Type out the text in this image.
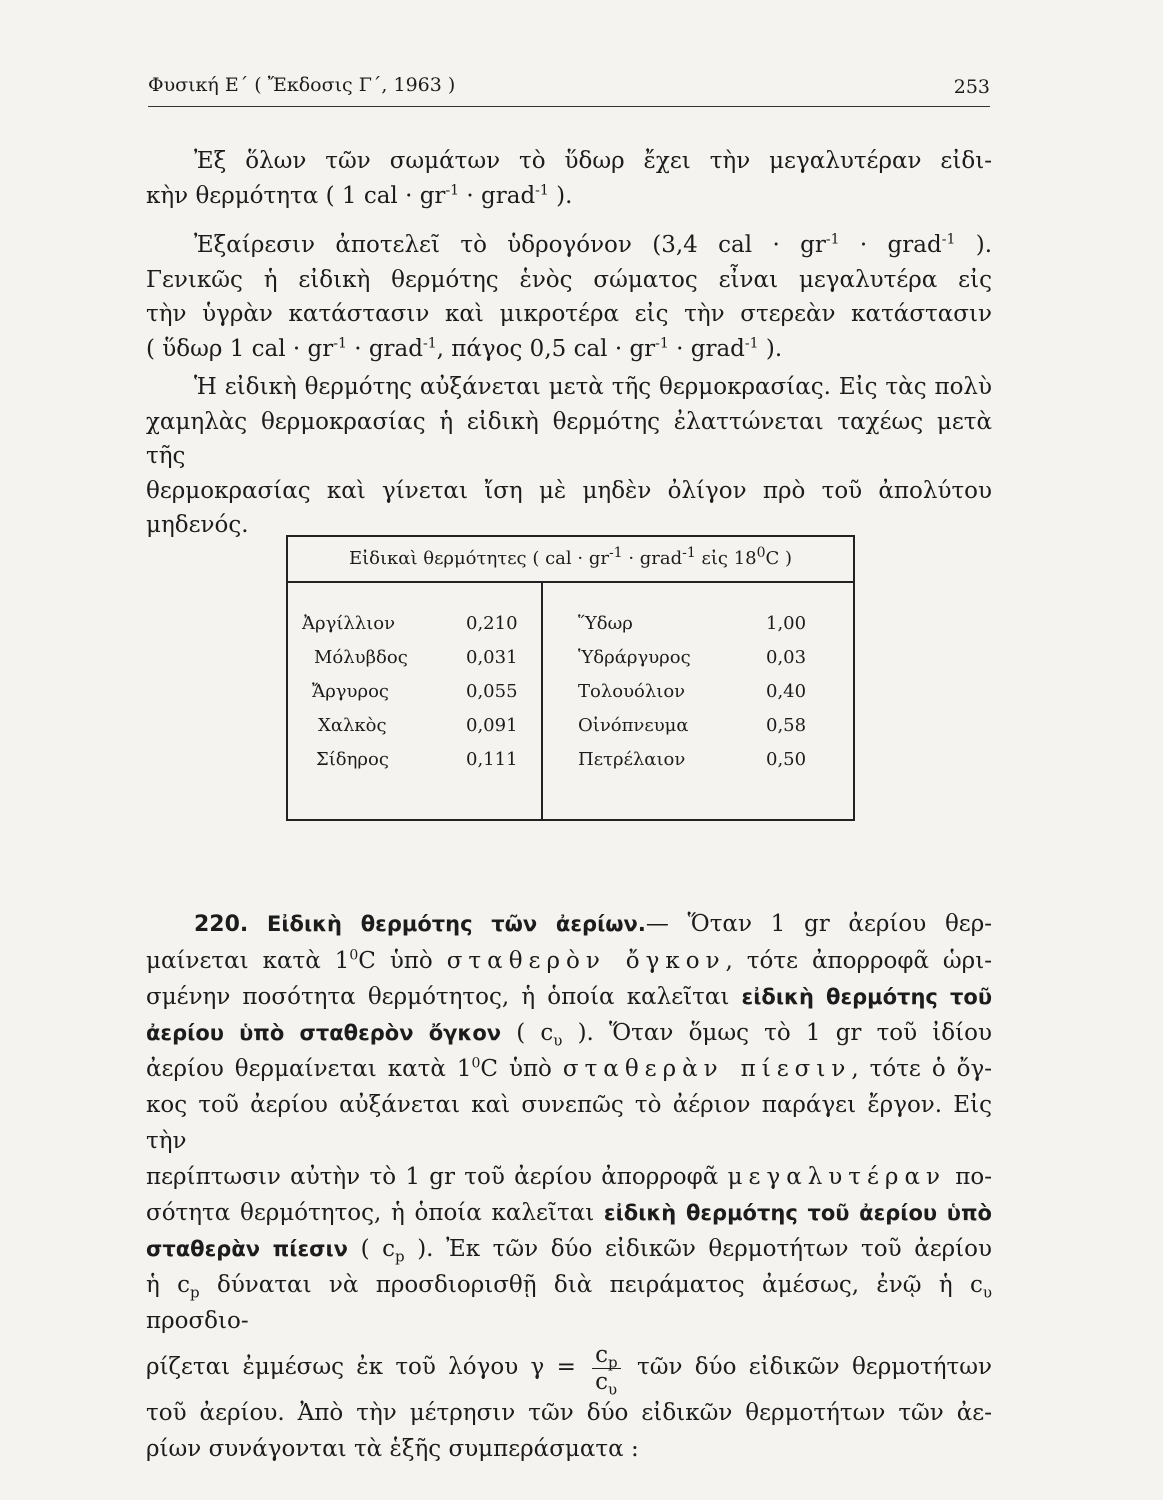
Φυσική Ε΄ ( Ἔκδοσις Γ΄, 1963 )	253
Ἐξ ὅλων τῶν σωμάτων τὸ ὕδωρ ἔχει τὴν μεγαλυτέραν εἰδι-
κὴν θερμότητα ( 1 cal · $gr^{-1}$ · grad$^{-1}$ ).
Ἐξαίρεσιν ἀποτελεῖ τὸ ὑδρογόνον (3,4 cal · $gr^{-1}$ · grad$^{-1}$ ).
Γενικῶς ἡ εἰδικὴ θερμότης ἑνὸς σώματος εἶναι μεγαλυτέρα εἰς
τὴν ὑγρὰν κατάστασιν καὶ μικροτέρα εἰς τὴν στερεὰν κατάστασιν
( ὕδωρ 1 cal · $gr^{-1}$ · grad$^{-1}$, πάγος 0,5 cal · $gr^{-1}$ · grad$^{-1}$ ).
Ἡ εἰδικὴ θερμότης αὐξάνεται μετὰ τῆς θερμοκρασίας. Εἰς τὰς πολὺ
χαμηλὰς θερμοκρασίας ἡ εἰδικὴ θερμότης ἐλαττώνεται ταχέως μετὰ τῆς
θερμοκρασίας καὶ γίνεται ἴση μὲ μηδὲν ὀλίγον πρὸ τοῦ ἀπολύτου μηδενός.
Εἰδικαὶ θερμότητες ( cal · $gr^{-1}$ · grad$^{-1}$ εἰς $18^0C$ )
Ἀργίλλιον	0,210	Ὕδωρ	1,00
Μόλυβδος	0,031	Ὑδράργυρος	0,03
Ἄργυρος	0,055	Τολουόλιον	0,40
Χαλκὸς	0,091	Οἰνόπνευμα	0,58
Σίδηρος	0,111	Πετρέλαιον	0,50
220. Εἰδικὴ θερμότης τῶν ἀερίων.— Ὅταν 1 gr ἀερίου θερ-
μαίνεται κατὰ $1^0C$ ὑπὸ σταθερὸν ὄγκον, τότε ἀπορροφᾶ ὡρι-
σμένην ποσότητα θερμότητος, ἡ ὁποία καλεῖται εἰδικὴ θερμότης τοῦ
ἀερίου ὑπὸ σταθερὸν ὄγκον ( $c_\upsilon$ ). Ὅταν ὅμως τὸ 1 gr τοῦ ἰδίου
ἀερίου θερμαίνεται κατὰ $1^0C$ ὑπὸ σταθερὰν πίεσιν, τότε ὁ ὄγ-
κος τοῦ ἀερίου αὐξάνεται καὶ συνεπῶς τὸ ἀέριον παράγει ἔργον. Εἰς τὴν
περίπτωσιν αὐτὴν τὸ 1 gr τοῦ ἀερίου ἀπορροφᾶ μεγαλυτέραν πο-
σότητα θερμότητος, ἡ ὁποία καλεῖται εἰδικὴ θερμότης τοῦ ἀερίου ὑπὸ
σταθερὰν πίεσιν ( $c_p$ ). Ἐκ τῶν δύο εἰδικῶν θερμοτήτων τοῦ ἀερίου
ἡ $c_p$ δύναται νὰ προσδιορισθῇ διὰ πειράματος ἀμέσως, ἐνῷ ἡ $c_\upsilon$ προσδιο-
ρίζεται ἐμμέσως ἐκ τοῦ λόγου $\gamma = \frac{c_p}{c_\upsilon}$ τῶν δύο εἰδικῶν θερμοτήτων
τοῦ ἀερίου. Ἀπὸ τὴν μέτρησιν τῶν δύο εἰδικῶν θερμοτήτων τῶν ἀε-
ρίων συνάγονται τὰ ἑξῆς συμπεράσματα :
